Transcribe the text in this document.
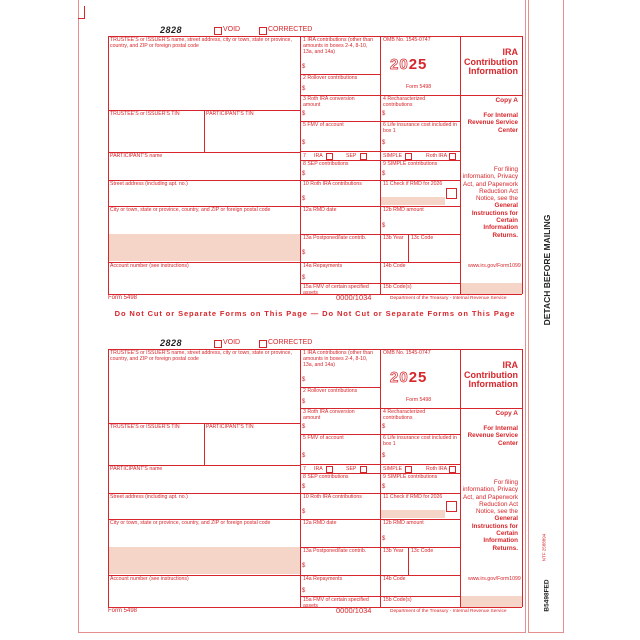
DETACH BEFORE MAILING
NTF 2588894
B5498FED
2828	VOID	CORRECTED
TRUSTEE'S or ISSUER'S name, street address, city or town, state or province, country, and ZIP or foreign postal code
TRUSTEE'S or ISSUER'S TIN	PARTICIPANT'S TIN
PARTICIPANT'S name
Street address (including apt. no.)
City or town, state or province, country, and ZIP or foreign postal code
Account number (see instructions)
1 IRA contributions (other than amounts in boxes 2-4, 8-10, 13a, and 14a)
$
2 Rollover contributions
$
OMB No. 1545-0747
2025
Form 5498
IRA Contribution Information
3 Roth IRA conversion amount
$
4 Recharacterized contributions
$
Copy A
5 FMV of account
$
6 Life insurance cost included in box 1
$
For Internal Revenue Service Center
7 IRA	SEP	SIMPLE	Roth IRA
8 SEP contributions
$
9 SIMPLE contributions
$
10 Roth IRA contributions
$
11 Check if RMD for 2026
12a RMD date	12b RMD amount
$
13a Postponed/late contrib.
$
13b Year 13c Code
14a Repayments
$
14b Code
15a FMV of certain specified assets
15b Code(s)
For filing information, Privacy Act, and Paperwork Reduction Act Notice, see the General Instructions for Certain Information Returns.
www.irs.gov/Form1099
Form 5498	0000/1034	Department of the Treasury - Internal Revenue Service
Do Not Cut or Separate Forms on This Page — Do Not Cut or Separate Forms on This Page
2828	VOID	CORRECTED
TRUSTEE'S or ISSUER'S name, street address, city or town, state or province, country, and ZIP or foreign postal code
TRUSTEE'S or ISSUER'S TIN	PARTICIPANT'S TIN
PARTICIPANT'S name
Street address (including apt. no.)
City or town, state or province, country, and ZIP or foreign postal code
Account number (see instructions)
1 IRA contributions (other than amounts in boxes 2-4, 8-10, 13a, and 14a)
$
2 Rollover contributions
$
OMB No. 1545-0747
2025
Form 5498
IRA Contribution Information
3 Roth IRA conversion amount
$
4 Recharacterized contributions
$
Copy A
5 FMV of account
$
6 Life insurance cost included in box 1
$
For Internal Revenue Service Center
7 IRA	SEP	SIMPLE	Roth IRA
8 SEP contributions
$
9 SIMPLE contributions
$
10 Roth IRA contributions
$
11 Check if RMD for 2026
12a RMD date	12b RMD amount
$
13a Postponed/late contrib.
$
13b Year 13c Code
14a Repayments
$
14b Code
15a FMV of certain specified assets
15b Code(s)
For filing information, Privacy Act, and Paperwork Reduction Act Notice, see the General Instructions for Certain Information Returns.
www.irs.gov/Form1099
Form 5498	0000/1034	Department of the Treasury - Internal Revenue Service
